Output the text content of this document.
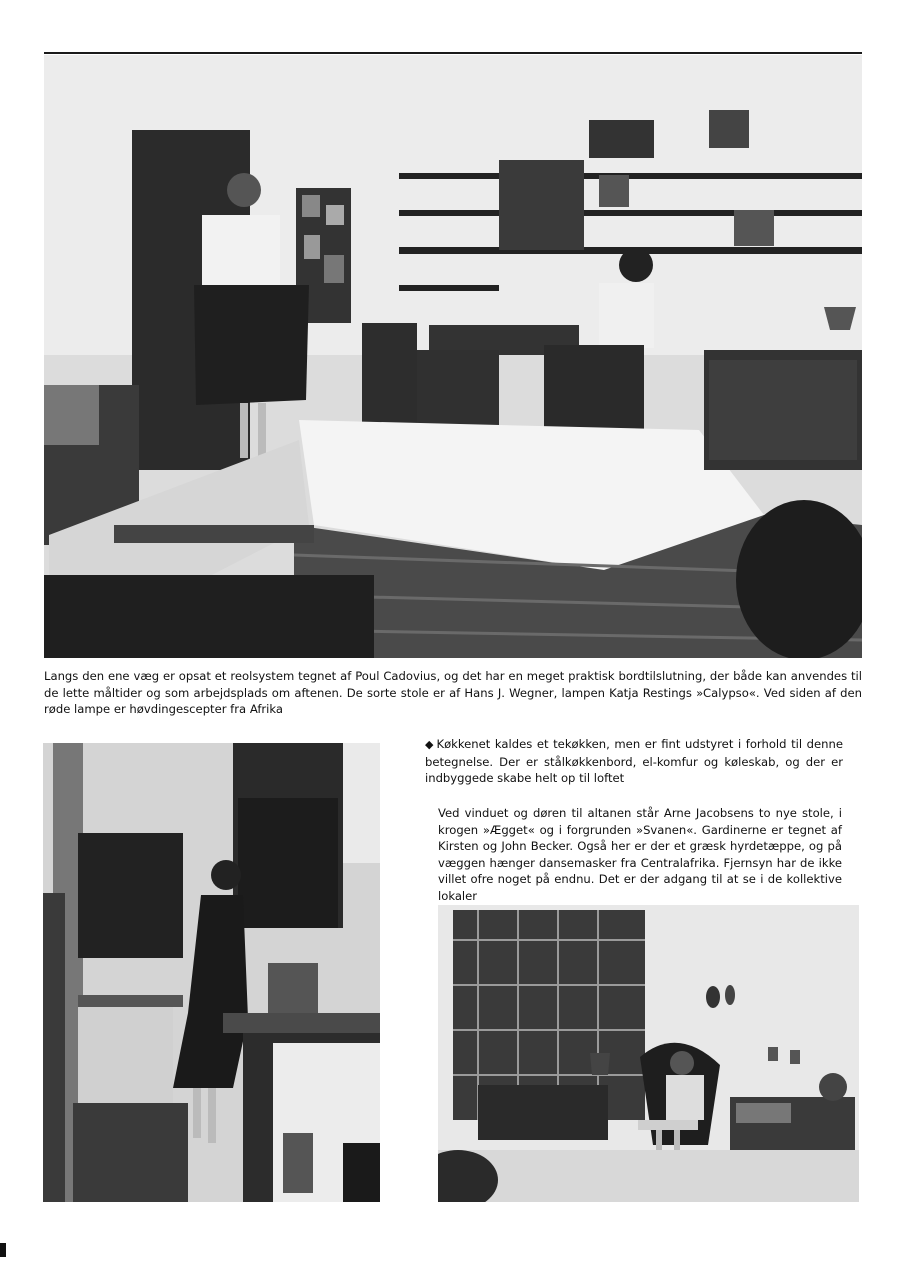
Langs den ene væg er opsat et reolsystem tegnet af Poul Cadovius, og det har en meget praktisk bordtilslutning, der både kan anvendes til de lette måltider og som arbejdsplads om aftenen. De sorte stole er af Hans J. Wegner, lampen Katja Restings »Calypso«. Ved siden af den røde lampe er høvdingescepter fra Afrika

◆ Køkkenet kaldes et tekøkken, men er fint udstyret i forhold til denne betegnelse. Der er stålkøkkenbord, el-komfur og køleskab, og der er indbyggede skabe helt op til loftet

Ved vinduet og døren til altanen står Arne Jacobsens to nye stole, i krogen »Ægget« og i forgrunden »Svanen«. Gardinerne er tegnet af Kirsten og John Becker. Også her er der et græsk hyrdetæppe, og på væggen hænger dansemasker fra Centralafrika. Fjernsyn har de ikke villet ofre noget på endnu. Det er der adgang til at se i de kollektive lokaler
